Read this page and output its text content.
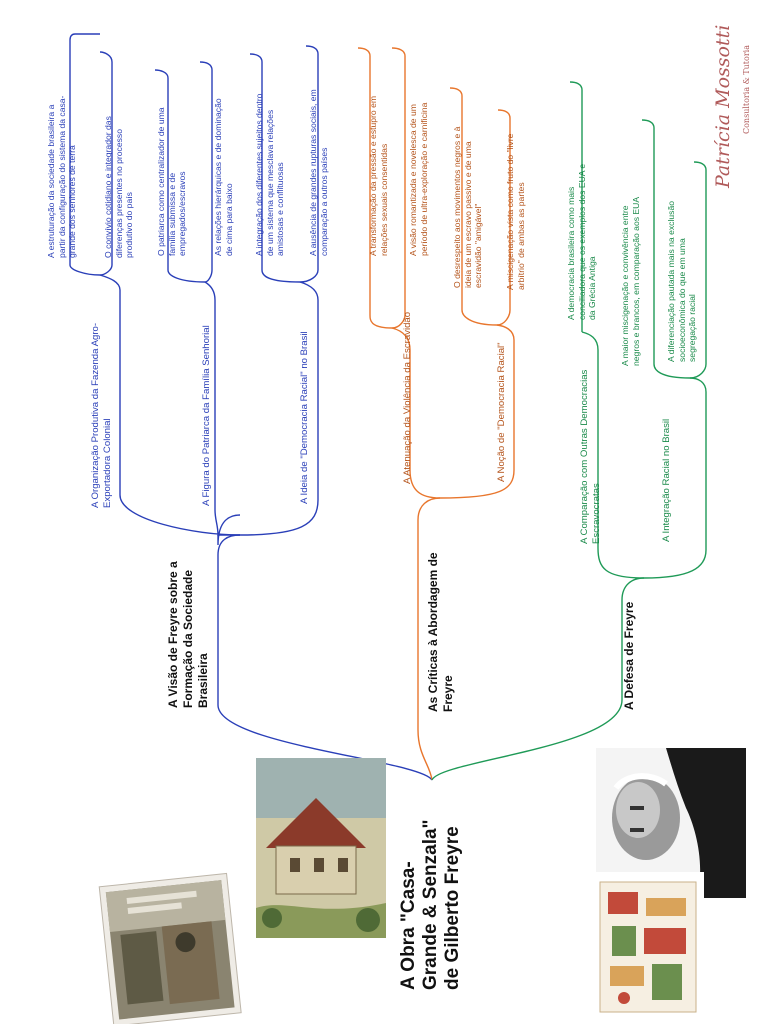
A Obra "Casa-
Grande & Senzala"
de Gilberto Freyre
A Visão de Freyre sobre a
Formação da Sociedade
Brasileira	As Críticas à Abordagem de
Freyre	A Defesa de Freyre
A Organização Produtiva da Fazenda Agro-
Exportadora Colonial	A Figura do Patriarca da Família Senhorial	A Ideia de "Democracia Racial" no Brasil
A estruturação da sociedade brasileira a
partir da configuração do sistema da casa-
grande dos senhores de terra
O convívio cotidiano e integrador das
diferenças presentes no processo
produtivo do país
O patriarca como centralizador de uma
família submissa e de
empregados/escravos	As relações hierárquicas e de dominação
de cima para baixo
A integração dos diferentes sujeitos dentro
de um sistema que mesclava relações
amistosas e conflituosas
A ausência de grandes rupturas sociais, em
comparação a outros países
A Atenuação da Violência da Escravidão	A Noção de "Democracia Racial"
A transformação da pressão e estupro em
relações sexuais consentidas
A visão romantizada e novelesca de um
período de ultra-exploração e carnificina
O desrespeito aos movimentos negros e à
ideia de um escravo passivo e de uma
escravidão "amigável"
A miscigenação vista como fruto do "livre
arbítrio" de ambas as partes
A Comparação com Outras Democracias
Escravocratas	A Integração Racial no Brasil
A democracia brasileira como mais
conciliadora que os exemplos dos EUA e
da Grécia Antiga
A maior miscigenação e convivência entre
negros e brancos, em comparação aos EUA
A diferenciação pautada mais na exclusão
socioeconômica do que em uma
segregação racial
Patrícia Mossotti Consultoria & Tutoria
